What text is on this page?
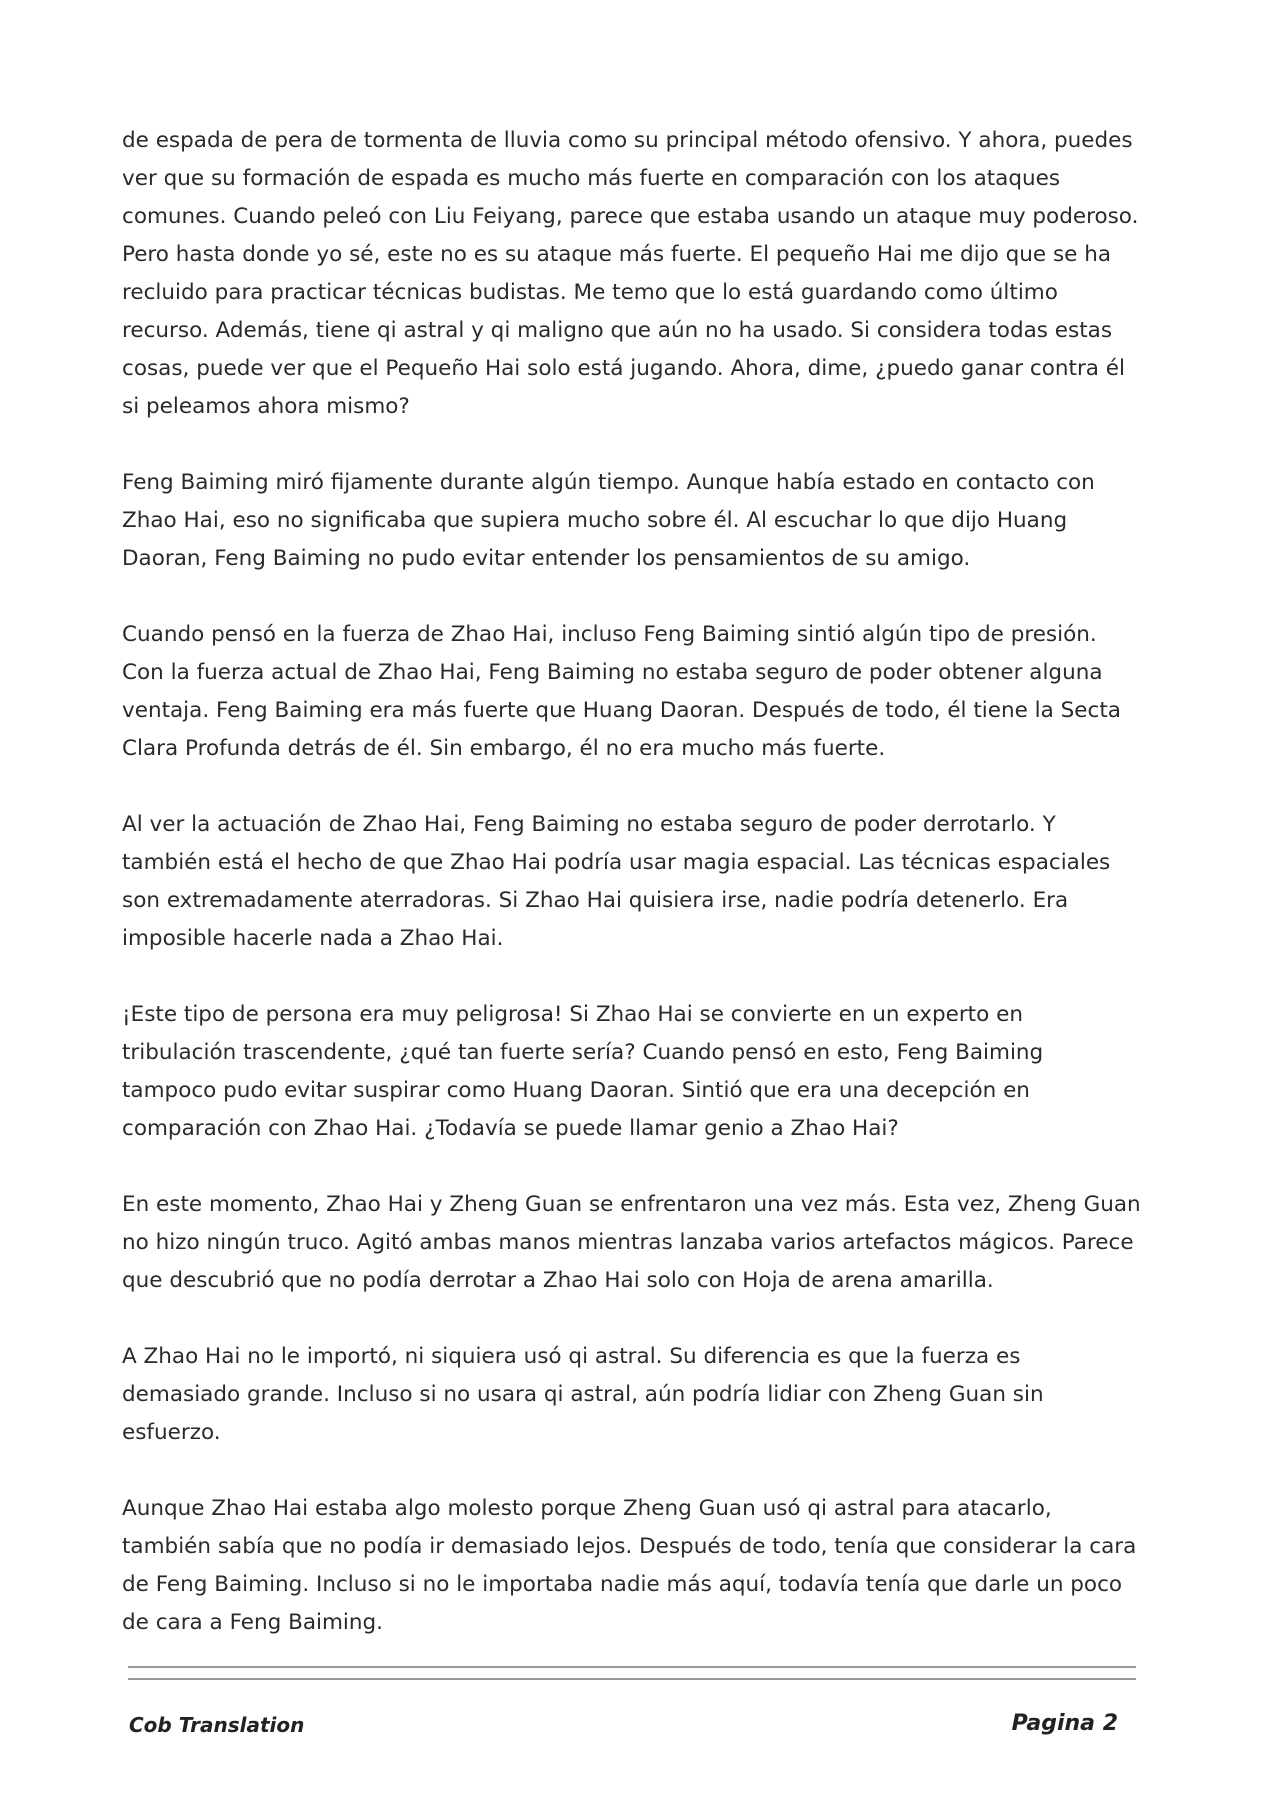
de espada de pera de tormenta de lluvia como su principal método ofensivo. Y ahora, puedes ver que su formación de espada es mucho más fuerte en comparación con los ataques comunes. Cuando peleó con Liu Feiyang, parece que estaba usando un ataque muy poderoso. Pero hasta donde yo sé, este no es su ataque más fuerte. El pequeño Hai me dijo que se ha recluido para practicar técnicas budistas. Me temo que lo está guardando como último recurso. Además, tiene qi astral y qi maligno que aún no ha usado. Si considera todas estas cosas, puede ver que el Pequeño Hai solo está jugando. Ahora, dime, ¿puedo ganar contra él si peleamos ahora mismo?

Feng Baiming miró fijamente durante algún tiempo. Aunque había estado en contacto con Zhao Hai, eso no significaba que supiera mucho sobre él. Al escuchar lo que dijo Huang Daoran, Feng Baiming no pudo evitar entender los pensamientos de su amigo.

Cuando pensó en la fuerza de Zhao Hai, incluso Feng Baiming sintió algún tipo de presión. Con la fuerza actual de Zhao Hai, Feng Baiming no estaba seguro de poder obtener alguna ventaja. Feng Baiming era más fuerte que Huang Daoran. Después de todo, él tiene la Secta Clara Profunda detrás de él. Sin embargo, él no era mucho más fuerte.

Al ver la actuación de Zhao Hai, Feng Baiming no estaba seguro de poder derrotarlo. Y también está el hecho de que Zhao Hai podría usar magia espacial. Las técnicas espaciales son extremadamente aterradoras. Si Zhao Hai quisiera irse, nadie podría detenerlo. Era imposible hacerle nada a Zhao Hai.

¡Este tipo de persona era muy peligrosa! Si Zhao Hai se convierte en un experto en tribulación trascendente, ¿qué tan fuerte sería? Cuando pensó en esto, Feng Baiming tampoco pudo evitar suspirar como Huang Daoran. Sintió que era una decepción en comparación con Zhao Hai. ¿Todavía se puede llamar genio a Zhao Hai?

En este momento, Zhao Hai y Zheng Guan se enfrentaron una vez más. Esta vez, Zheng Guan no hizo ningún truco. Agitó ambas manos mientras lanzaba varios artefactos mágicos. Parece que descubrió que no podía derrotar a Zhao Hai solo con Hoja de arena amarilla.

A Zhao Hai no le importó, ni siquiera usó qi astral. Su diferencia es que la fuerza es demasiado grande. Incluso si no usara qi astral, aún podría lidiar con Zheng Guan sin esfuerzo.

Aunque Zhao Hai estaba algo molesto porque Zheng Guan usó qi astral para atacarlo, también sabía que no podía ir demasiado lejos. Después de todo, tenía que considerar la cara de Feng Baiming. Incluso si no le importaba nadie más aquí, todavía tenía que darle un poco de cara a Feng Baiming.

Cob Translation	Pagina 2
